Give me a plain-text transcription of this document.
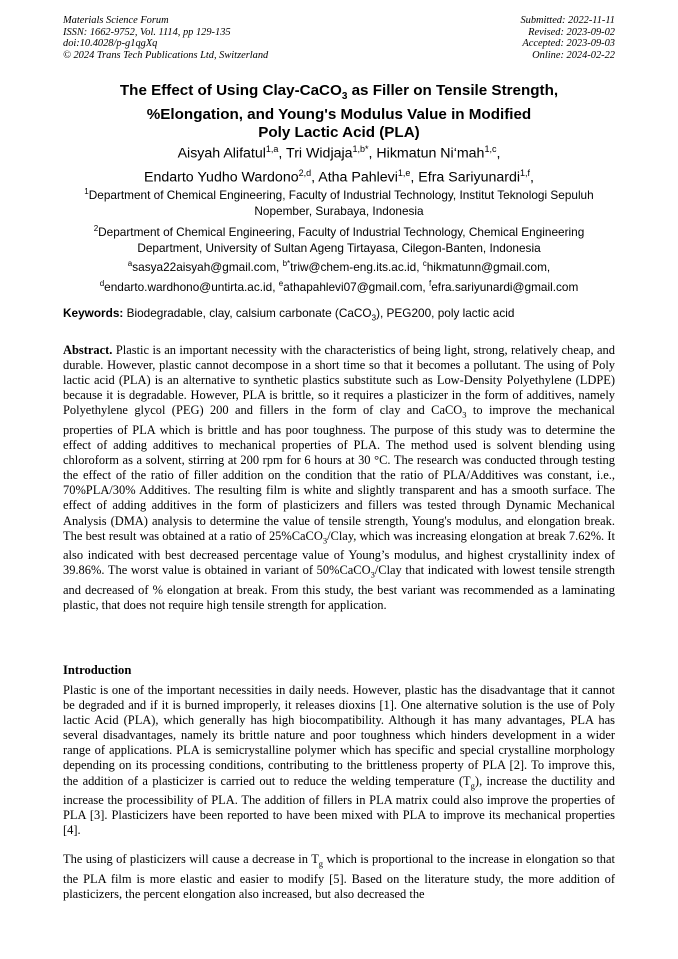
Materials Science Forum
ISSN: 1662-9752, Vol. 1114, pp 129-135
doi:10.4028/p-g1qgXq
© 2024 Trans Tech Publications Ltd, Switzerland
Submitted: 2022-11-11
Revised: 2023-09-02
Accepted: 2023-09-03
Online: 2024-02-22
The Effect of Using Clay-CaCO$_3$ as Filler on Tensile Strength,
%Elongation, and Young's Modulus Value in Modified
Poly Lactic Acid (PLA)
Aisyah Alifatul$^{1,a}$, Tri Widjaja$^{1,b*}$, Hikmatun Ni‘mah$^{1,c}$,
Endarto Yudho Wardono$^{2,d}$, Atha Pahlevi$^{1,e}$, Efra Sariyunardi$^{1,f}$,
$^1$Department of Chemical Engineering, Faculty of Industrial Technology, Institut Teknologi Sepuluh Nopember, Surabaya, Indonesia
$^2$Department of Chemical Engineering, Faculty of Industrial Technology, Chemical Engineering Department, University of Sultan Ageng Tirtayasa, Cilegon-Banten, Indonesia
$^a$sasya22aisyah@gmail.com, $^{b*}$triw@chem-eng.its.ac.id, $^c$hikmatunn@gmail.com,
$^d$endarto.wardhono@untirta.ac.id, $^e$athapahlevi07@gmail.com, $^f$efra.sariyunardi@gmail.com
Keywords: Biodegradable, clay, calsium carbonate (CaCO$_3$), PEG200, poly lactic acid
Abstract. Plastic is an important necessity with the characteristics of being light, strong, relatively cheap, and durable. However, plastic cannot decompose in a short time so that it becomes a pollutant. The using of Poly lactic acid (PLA) is an alternative to synthetic plastics substitute such as Low-Density Polyethylene (LDPE) because it is degradable. However, PLA is brittle, so it requires a plasticizer in the form of additives, namely Polyethylene glycol (PEG) 200 and fillers in the form of clay and CaCO$_3$ to improve the mechanical properties of PLA which is brittle and has poor toughness. The purpose of this study was to determine the effect of adding additives to mechanical properties of PLA. The method used is solvent blending using chloroform as a solvent, stirring at 200 rpm for 6 hours at 30 °C. The research was conducted through testing the effect of the ratio of filler addition on the condition that the ratio of PLA/Additives was constant, i.e., 70%PLA/30% Additives. The resulting film is white and slightly transparent and has a smooth surface. The effect of adding additives in the form of plasticizers and fillers was tested through Dynamic Mechanical Analysis (DMA) analysis to determine the value of tensile strength, Young's modulus, and elongation break. The best result was obtained at a ratio of 25%CaCO$_3$/Clay, which was increasing elongation at break 7.62%. It also indicated with best decreased percentage value of Young’s modulus, and highest crystallinity index of 39.86%. The worst value is obtained in variant of 50%CaCO$_3$/Clay that indicated with lowest tensile strength and decreased of % elongation at break. From this study, the best variant was recommended as a laminating plastic, that does not require high tensile strength for application.
Introduction
Plastic is one of the important necessities in daily needs. However, plastic has the disadvantage that it cannot be degraded and if it is burned improperly, it releases dioxins [1]. One alternative solution is the use of Poly lactic Acid (PLA), which generally has high biocompatibility. Although it has many advantages, PLA has several disadvantages, namely its brittle nature and poor toughness which hinders development in a wider range of applications. PLA is semicrystalline polymer which has specific and special crystalline morphology depending on its processing conditions, contributing to the brittleness property of PLA [2]. To improve this, the addition of a plasticizer is carried out to reduce the welding temperature $(T_g)$, increase the ductility and increase the processibility of PLA. The addition of fillers in PLA matrix could also improve the properties of PLA [3]. Plasticizers have been reported to have been mixed with PLA to improve its mechanical properties [4].
The using of plasticizers will cause a decrease in $T_g$ which is proportional to the increase in elongation so that the PLA film is more elastic and easier to modify [5]. Based on the literature study, the more addition of plasticizers, the percent elongation also increased, but also decreased the
